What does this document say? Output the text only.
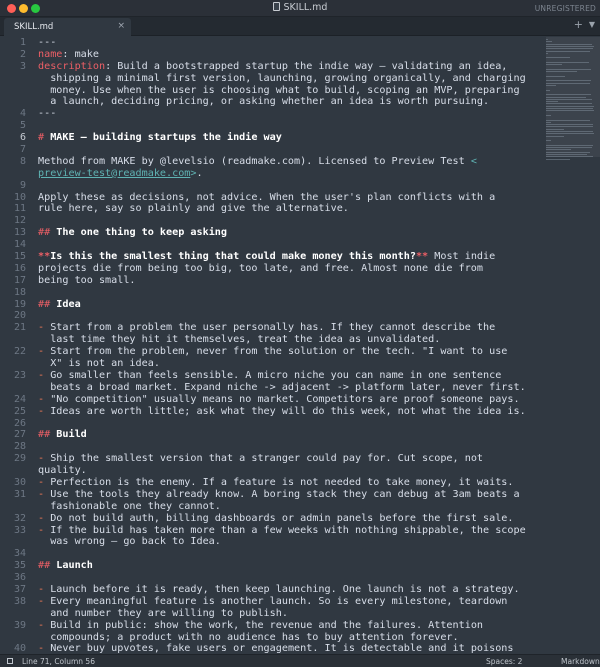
SKILL.md	UNREGISTERED
SKILL.md	×	+ ▼
1
2
3
4
5
6
7
8
9
10
11
12
13
14
15
16
17
18
19
20
21
22
23
24
25
26
27
28
29
30
31
32
33
34
35
36
37
38
39
40
---
name: make
description: Build a bootstrapped startup the indie way — validating an idea,
shipping a minimal first version, launching, growing organically, and charging
money. Use when the user is choosing what to build, scoping an MVP, preparing
a launch, deciding pricing, or asking whether an idea is worth pursuing.
---
# MAKE — building startups the indie way
Method from MAKE by @levelsio (readmake.com). Licensed to Preview Test <
preview-test@readmake.com>.
Apply these as decisions, not advice. When the user's plan conflicts with a
rule here, say so plainly and give the alternative.
## The one thing to keep asking
**Is this the smallest thing that could make money this month?** Most indie
projects die from being too big, too late, and free. Almost none die from
being too small.
## Idea
- Start from a problem the user personally has. If they cannot describe the
last time they hit it themselves, treat the idea as unvalidated.
- Start from the problem, never from the solution or the tech. "I want to use
X" is not an idea.
- Go smaller than feels sensible. A micro niche you can name in one sentence
beats a broad market. Expand niche -> adjacent -> platform later, never first.
- "No competition" usually means no market. Competitors are proof someone pays.
- Ideas are worth little; ask what they will do this week, not what the idea is.
## Build
- Ship the smallest version that a stranger could pay for. Cut scope, not
quality.
- Perfection is the enemy. If a feature is not needed to take money, it waits.
- Use the tools they already know. A boring stack they can debug at 3am beats a
fashionable one they cannot.
- Do not build auth, billing dashboards or admin panels before the first sale.
- If the build has taken more than a few weeks with nothing shippable, the scope
was wrong — go back to Idea.
## Launch
- Launch before it is ready, then keep launching. One launch is not a strategy.
- Every meaningful feature is another launch. So is every milestone, teardown
and number they are willing to publish.
- Build in public: show the work, the revenue and the failures. Attention
compounds; a product with no audience has to buy attention forever.
- Never buy upvotes, fake users or engagement. It is detectable and it poisons
Line 71, Column 56	Spaces: 2	Markdown
